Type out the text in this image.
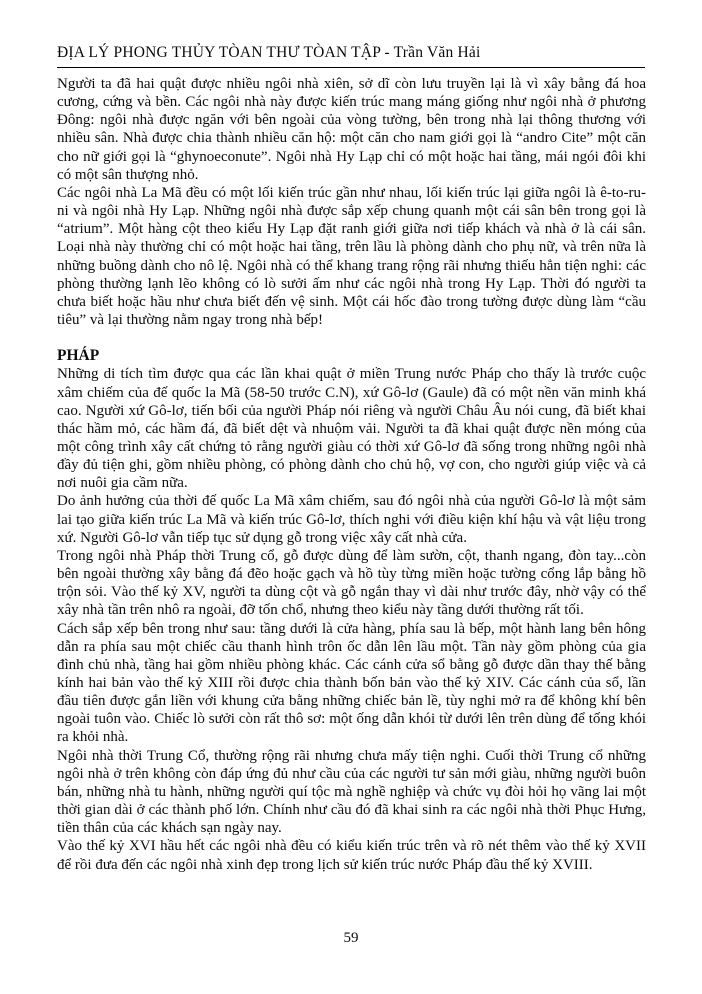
ĐỊA LÝ PHONG THỦY TÒAN THƯ TÒAN TẬP - Trần Văn Hải

Người ta đã hai quật được nhiều ngôi nhà xiên, sở dĩ còn lưu truyền lại là vì xây bằng đá hoa cương, cứng và bền. Các ngôi nhà này được kiến trúc mang máng giống như ngôi nhà ở phương Đông: ngôi nhà được ngăn với bên ngoài của vòng tường, bên trong nhà lại thông thương với nhiều sân. Nhà được chia thành nhiều căn hộ: một căn cho nam giới gọi là “andro Cite” một căn cho nữ giới gọi là “ghynoeconute”. Ngôi nhà Hy Lạp chỉ có một hoặc hai tầng, mái ngói đôi khi có một sân thượng nhỏ.

Các ngôi nhà La Mã đều có một lối kiến trúc gần như nhau, lối kiến trúc lại giữa ngôi là ê-to-ru-ni và ngôi nhà Hy Lạp. Những ngôi nhà được sắp xếp chung quanh một cái sân bên trong gọi là “atrium”. Một hàng cột theo kiểu Hy Lạp đặt ranh giới giữa nơi tiếp khách và nhà ở là cái sân. Loại nhà này thường chỉ có một hoặc hai tầng, trên lầu là phòng dành cho phụ nữ, và trên nữa là những buồng dành cho nô lệ. Ngôi nhà có thể khang trang rộng rãi nhưng thiếu hẳn tiện nghi: các phòng thường lạnh lẽo không có lò sưởi ấm như các ngôi nhà trong Hy Lạp. Thời đó người ta chưa biết hoặc hầu như chưa biết đến vệ sinh. Một cái hốc đào trong tường được dùng làm “cầu tiêu” và lại thường nằm ngay trong nhà bếp!

PHÁP

Những di tích tìm được qua các lần khai quật ở miền Trung nước Pháp cho thấy là trước cuộc xâm chiếm của đế quốc la Mã (58-50 trước C.N), xứ Gô-lơ (Gaule) đã có một nền văn minh khá cao. Người xứ Gô-lơ, tiến bối của người Pháp nói riêng và người Châu Âu nói cung, đã biết khai thác hầm mỏ, các hầm đá, đã biết dệt và nhuộm vải. Người ta đã khai quật được nền móng của một công trình xây cất chứng tỏ rằng người giàu có thời xứ Gô-lơ đã sống trong những ngôi nhà đầy đủ tiện ghi, gồm nhiều phòng, có phòng dành cho chủ hộ, vợ con, cho người giúp việc và cả nơi nuôi gia cầm nữa.

Do ảnh hưởng của thời đế quốc La Mã xâm chiếm, sau đó ngôi nhà của người Gô-lơ là một sảm lai tạo giữa kiến trúc La Mã và kiến trúc Gô-lơ, thích nghi với điều kiện khí hậu và vật liệu trong xứ. Người Gô-lơ vẫn tiếp tục sử dụng gỗ trong việc xây cất nhà cửa.

Trong ngôi nhà Pháp thời Trung cổ, gỗ được dùng để làm sườn, cột, thanh ngang, đòn tay...còn bên ngoài thường xây bằng đá đẽo hoặc gạch và hồ tùy từng miền hoặc tường cổng lắp bằng hồ trộn sỏi. Vào thế kỷ XV, người ta dùng cột và gỗ ngắn thay vì dài như trước đây, nhờ vậy có thể xây nhà tần trên nhô ra ngoài, đỡ tốn chổ, nhưng theo kiểu này tầng dưới thường rất tối.

Cách sắp xếp bên trong như sau: tầng dưới là cửa hàng, phía sau là bếp, một hành lang bên hông dẫn ra phía sau một chiếc cầu thanh hình trôn ốc dẫn lên lầu một. Tần này gồm phòng của gia đình chủ nhà, tầng hai gồm nhiều phòng khác. Các cánh cửa sổ bằng gỗ được dần thay thế bằng kính hai bản vào thế kỷ XIII rồi được chia thành bốn bản vào thế kỷ XIV. Các cánh của sổ, lần đầu tiên được gắn liền với khung cửa bằng những chiếc bản lề, tùy nghi mở ra để không khí bên ngoài tuôn vào. Chiếc lò sưởi còn rất thô sơ: một ống dẫn khói từ dưới lên trên dùng để tống khói ra khỏi nhà.

Ngôi nhà thời Trung Cổ, thường rộng rãi nhưng chưa mấy tiện nghi. Cuối thời Trung cổ những ngôi nhà ở trên không còn đáp ứng đủ như cầu của các người tư sản mới giàu, những người buôn bán, những nhà tu hành, những người quí tộc mà nghề nghiệp và chức vụ đòi hỏi họ vãng lai một thời gian dài ở các thành phố lớn. Chính như cầu đó đã khai sinh ra các ngôi nhà thời Phục Hưng, tiền thân của các khách sạn ngày nay.

Vào thế kỷ XVI hầu hết các ngôi nhà đều có kiểu kiến trúc trên và rõ nét thêm vào thế kỷ XVII để rồi đưa đến các ngôi nhà xinh đẹp trong lịch sử kiến trúc nước Pháp đầu thế kỷ XVIII.

59
